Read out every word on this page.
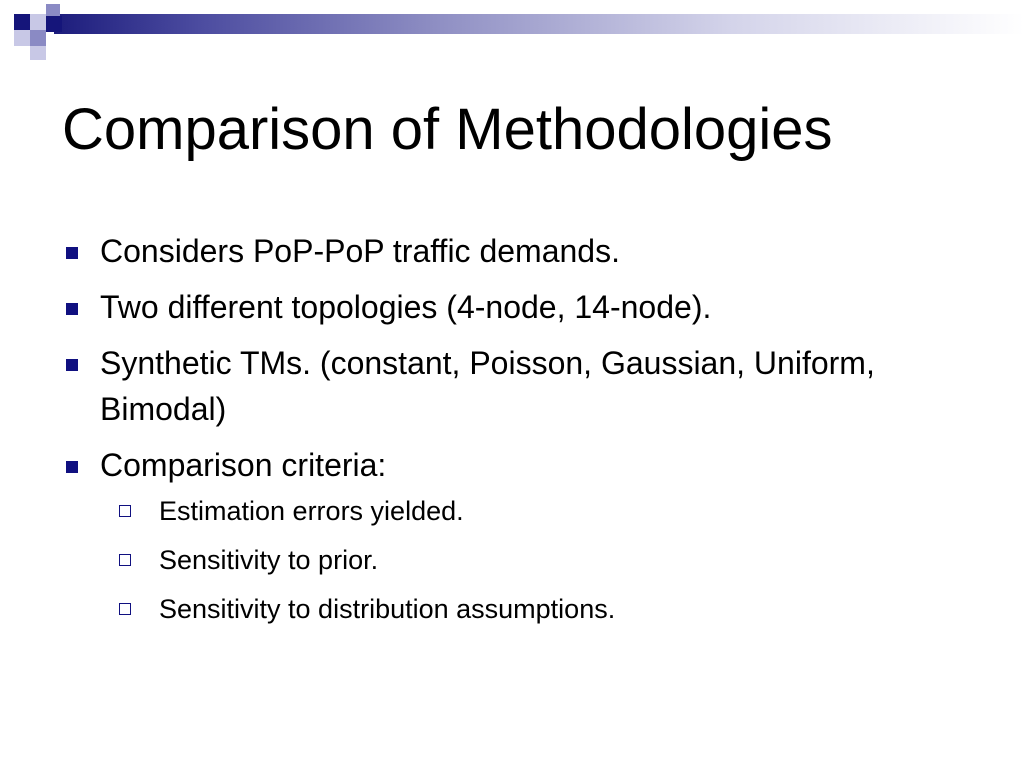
Comparison of Methodologies
Considers PoP-PoP traffic demands.
Two different topologies (4-node, 14-node).
Synthetic TMs. (constant, Poisson, Gaussian, Uniform, Bimodal)
Comparison criteria:
Estimation errors yielded.
Sensitivity to prior.
Sensitivity to distribution assumptions.
